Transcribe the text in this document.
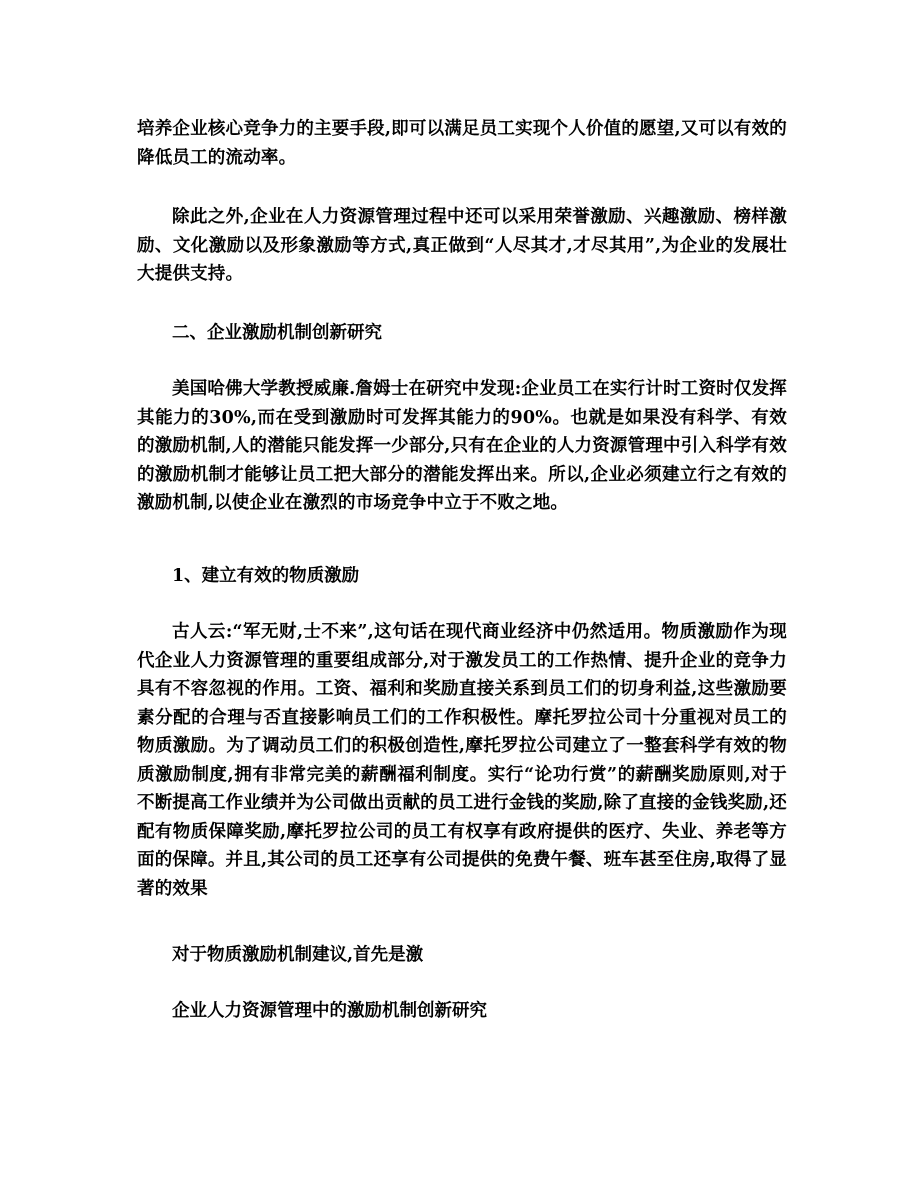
培养企业核心竞争力的主要手段,即可以满足员工实现个人价值的愿望,又可以有效的降低员工的流动率。

除此之外,企业在人力资源管理过程中还可以采用荣誉激励、兴趣激励、榜样激励、文化激励以及形象激励等方式,真正做到“人尽其才,才尽其用”,为企业的发展壮大提供支持。

二、企业激励机制创新研究

美国哈佛大学教授威廉.詹姆士在研究中发现:企业员工在实行计时工资时仅发挥其能力的30%,而在受到激励时可发挥其能力的90%。也就是如果没有科学、有效的激励机制,人的潜能只能发挥一少部分,只有在企业的人力资源管理中引入科学有效的激励机制才能够让员工把大部分的潜能发挥出来。所以,企业必须建立行之有效的激励机制,以使企业在激烈的市场竞争中立于不败之地。

1、建立有效的物质激励

古人云:“军无财,士不来”,这句话在现代商业经济中仍然适用。物质激励作为现代企业人力资源管理的重要组成部分,对于激发员工的工作热情、提升企业的竞争力具有不容忽视的作用。工资、福利和奖励直接关系到员工们的切身利益,这些激励要素分配的合理与否直接影响员工们的工作积极性。摩托罗拉公司十分重视对员工的物质激励。为了调动员工们的积极创造性,摩托罗拉公司建立了一整套科学有效的物质激励制度,拥有非常完美的薪酬福利制度。实行“论功行赏”的薪酬奖励原则,对于不断提高工作业绩并为公司做出贡献的员工进行金钱的奖励,除了直接的金钱奖励,还配有物质保障奖励,摩托罗拉公司的员工有权享有政府提供的医疗、失业、养老等方面的保障。并且,其公司的员工还享有公司提供的免费午餐、班车甚至住房,取得了显著的效果

对于物质激励机制建议,首先是激

企业人力资源管理中的激励机制创新研究
